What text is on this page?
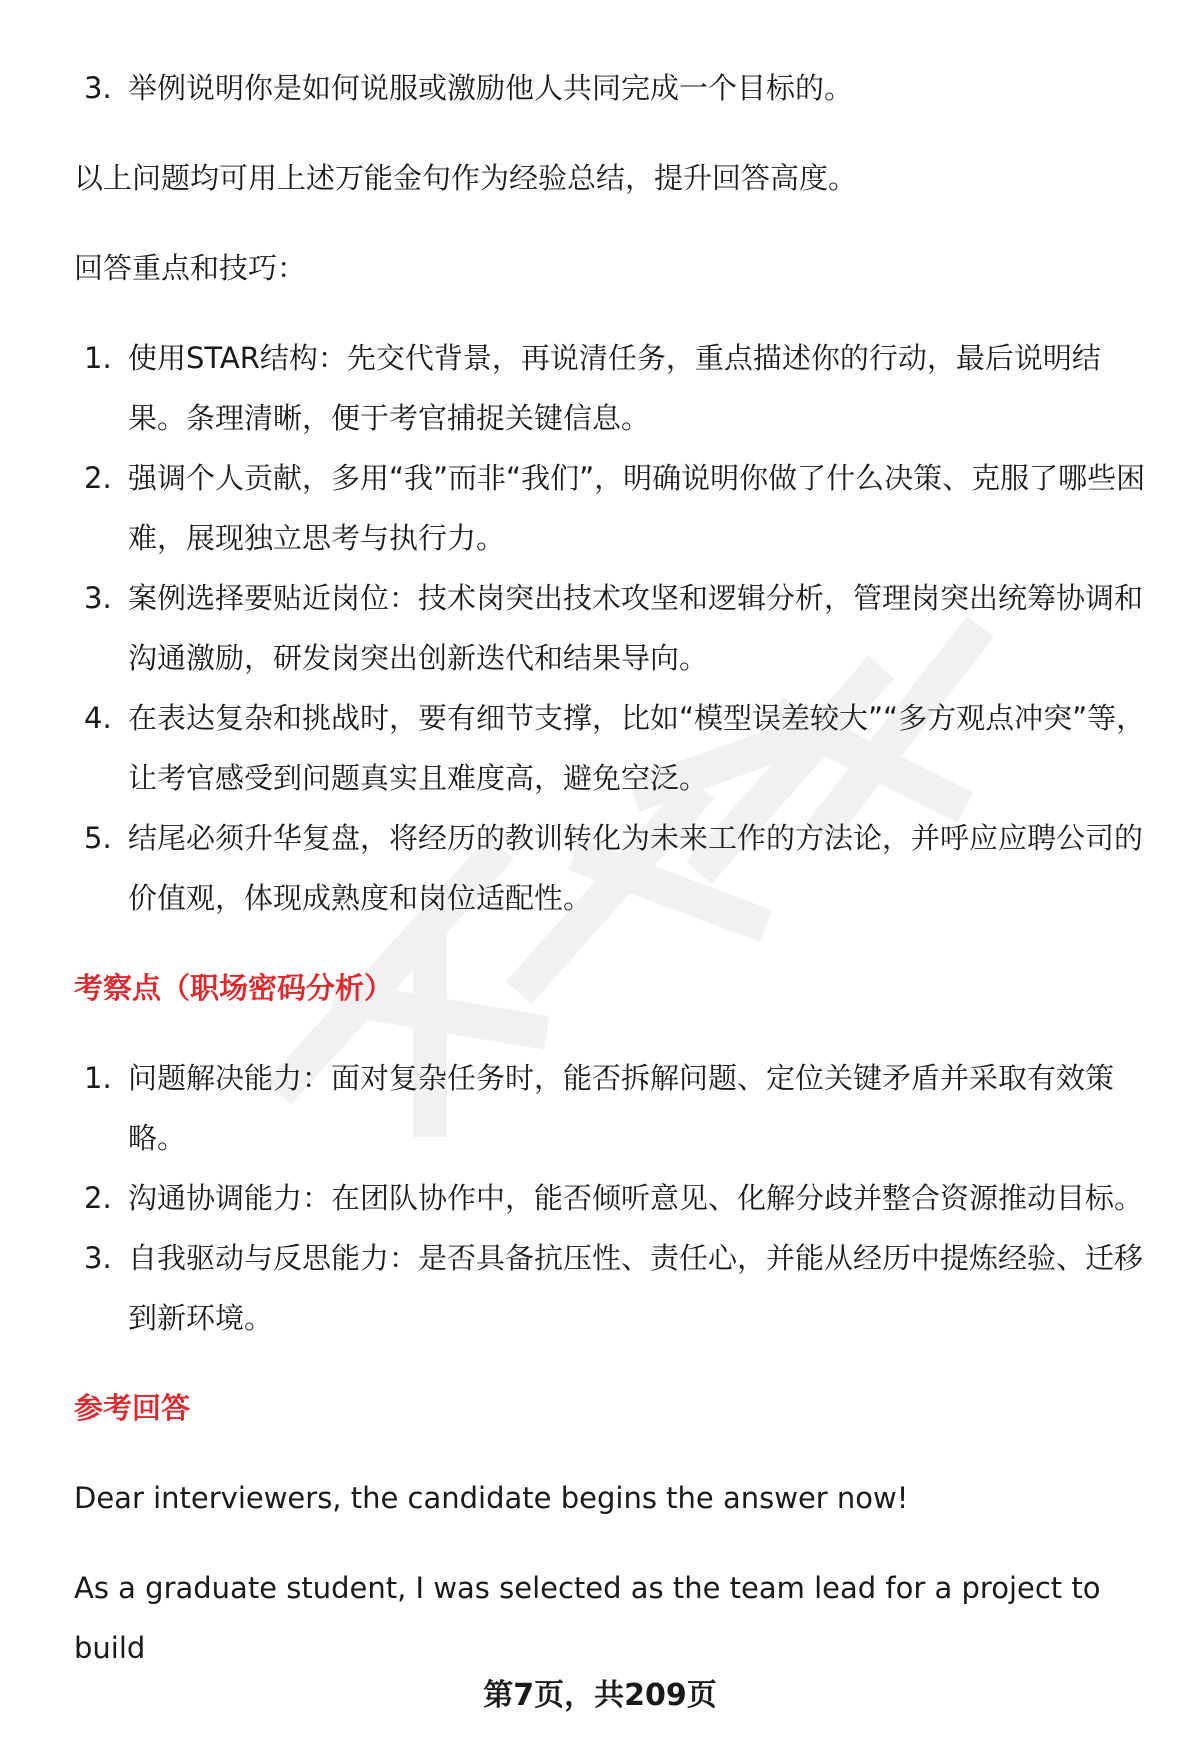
3. 举例说明你是如何说服或激励他人共同完成一个目标的。

以上问题均可用上述万能金句作为经验总结，提升回答高度。

回答重点和技巧：

1. 使用STAR结构：先交代背景，再说清任务，重点描述你的行动，最后说明结果。条理清晰，便于考官捕捉关键信息。
2. 强调个人贡献，多用“我”而非“我们”，明确说明你做了什么决策、克服了哪些困难，展现独立思考与执行力。
3. 案例选择要贴近岗位：技术岗突出技术攻坚和逻辑分析，管理岗突出统筹协调和沟通激励，研发岗突出创新迭代和结果导向。
4. 在表达复杂和挑战时，要有细节支撑，比如“模型误差较大”“多方观点冲突”等，让考官感受到问题真实且难度高，避免空泛。
5. 结尾必须升华复盘，将经历的教训转化为未来工作的方法论，并呼应应聘公司的价值观，体现成熟度和岗位适配性。

考察点（职场密码分析）

1. 问题解决能力：面对复杂任务时，能否拆解问题、定位关键矛盾并采取有效策略。
2. 沟通协调能力：在团队协作中，能否倾听意见、化解分歧并整合资源推动目标。
3. 自我驱动与反思能力：是否具备抗压性、责任心，并能从经历中提炼经验、迁移到新环境。

参考回答

Dear interviewers, the candidate begins the answer now!

As a graduate student, I was selected as the team lead for a project to build

第7页，共209页
